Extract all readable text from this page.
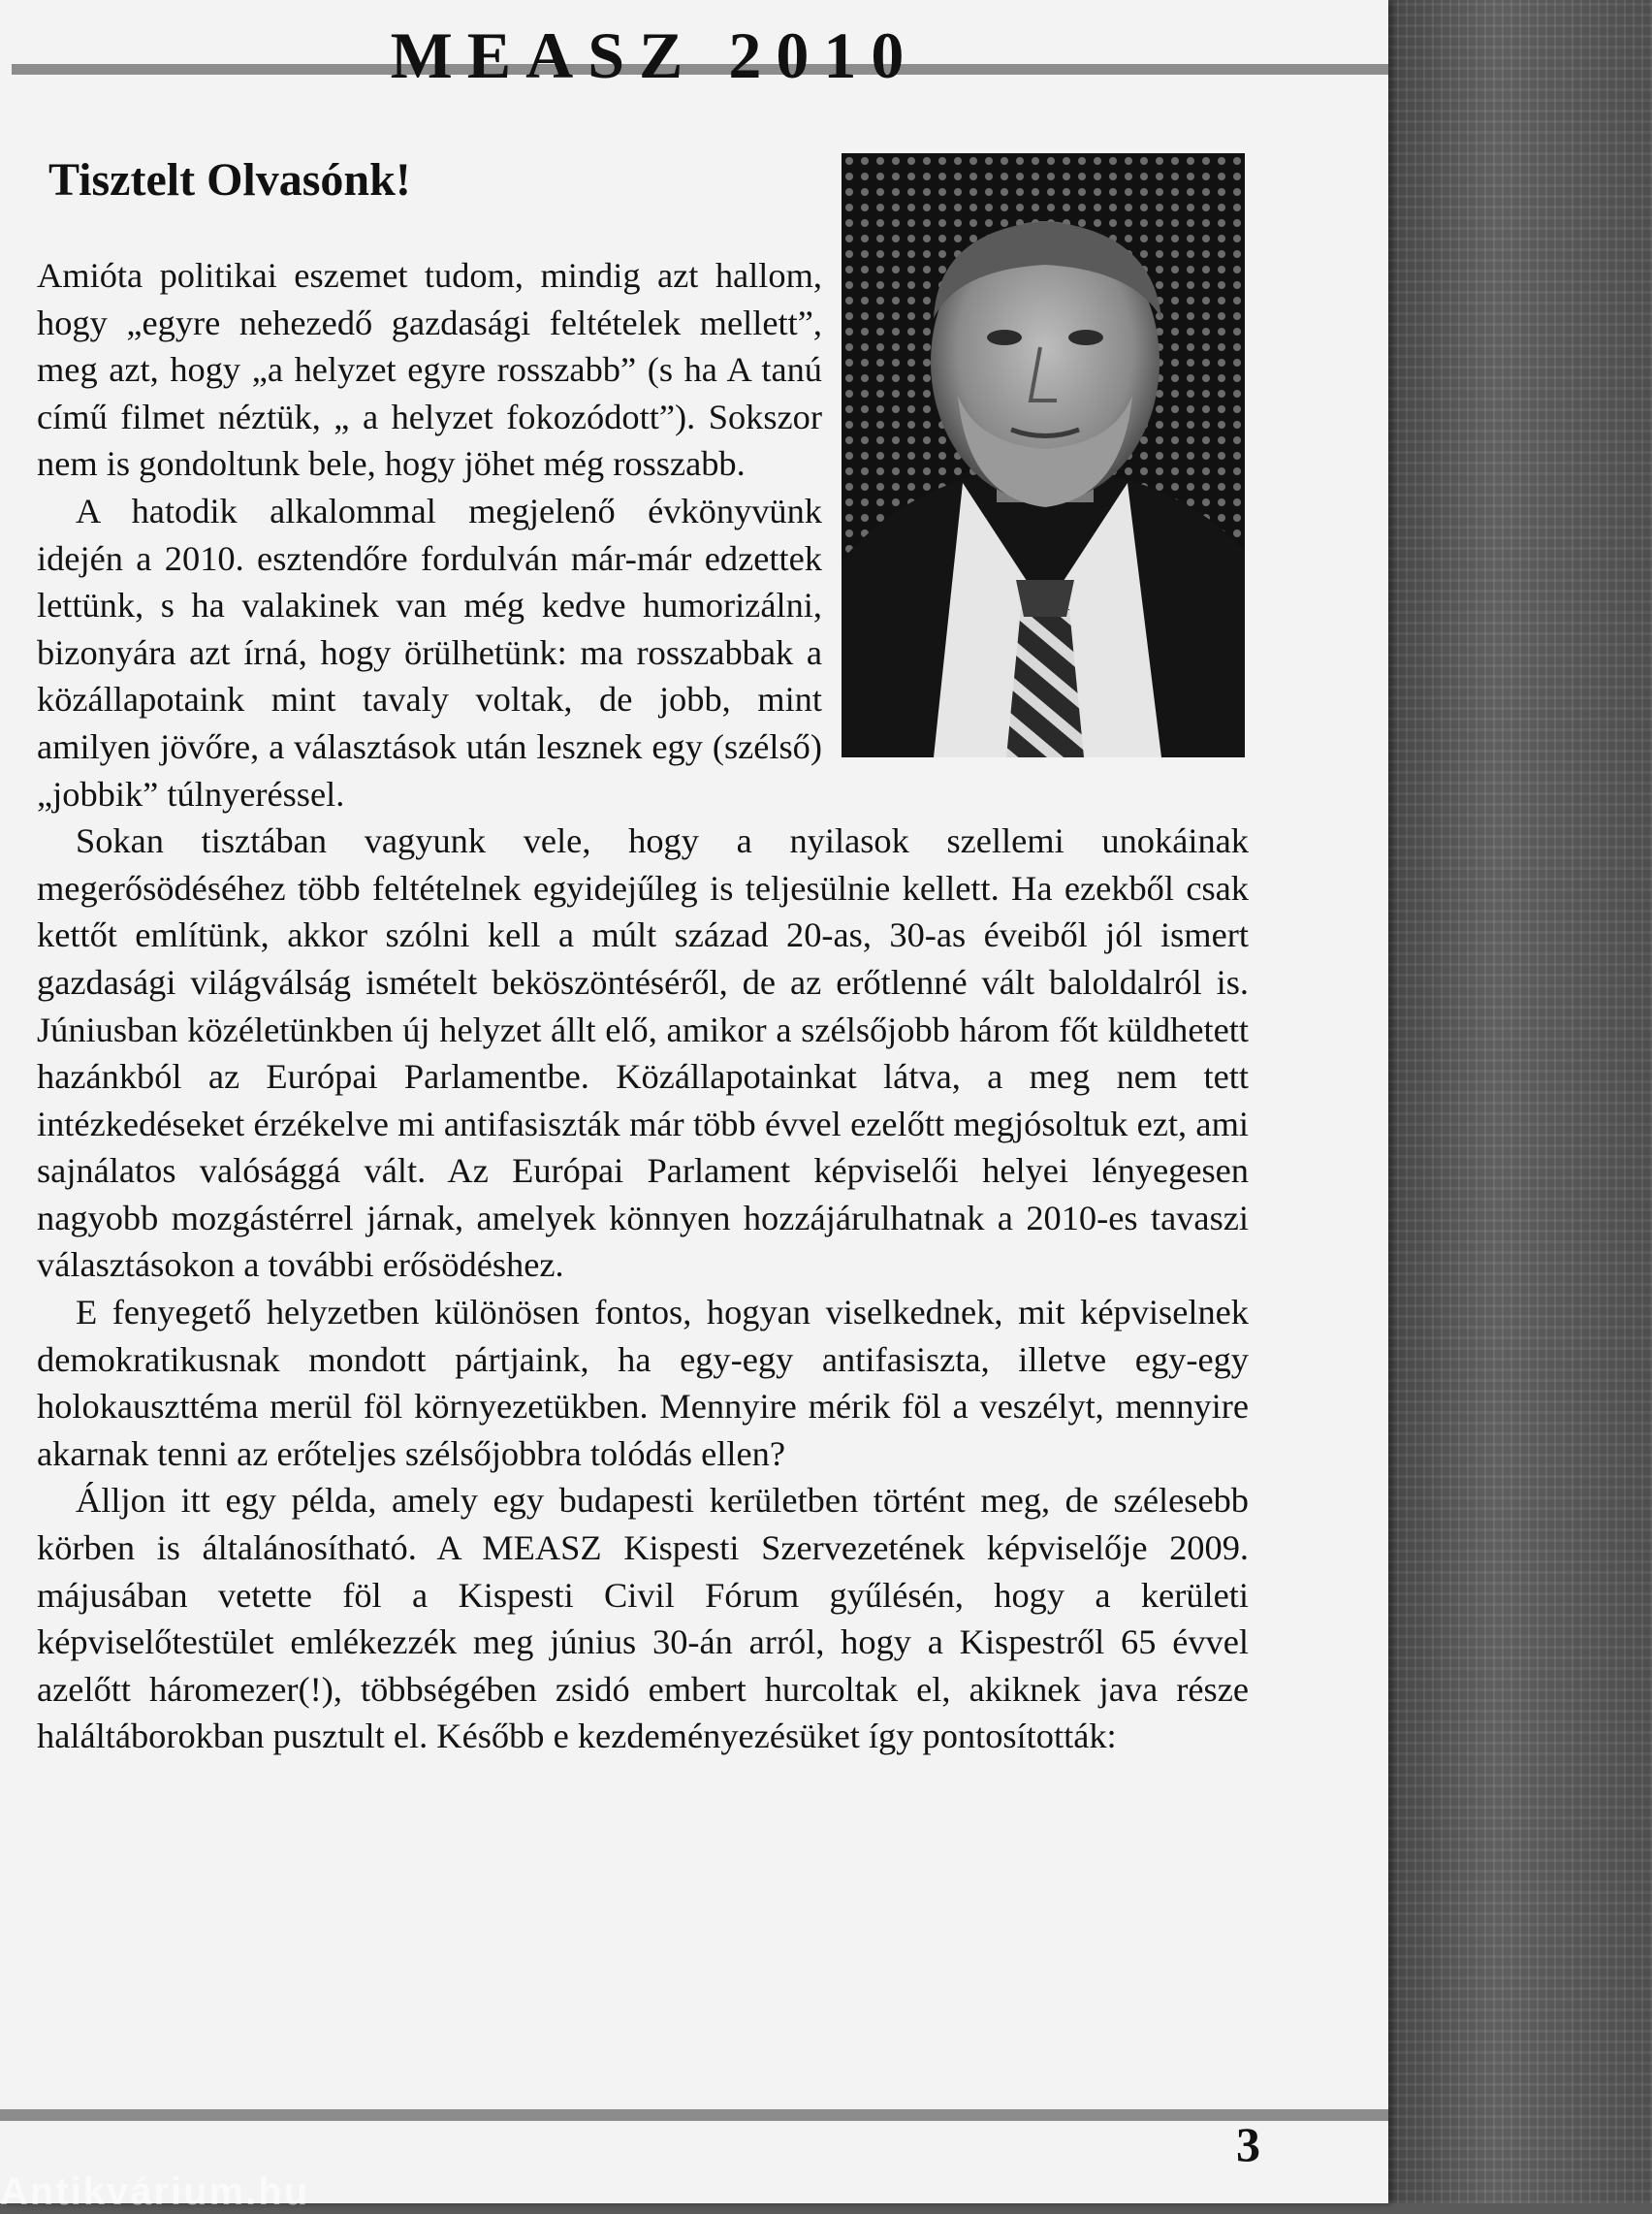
MEASZ 2010
Tisztelt Olvasónk!

Amióta politikai eszemet tudom, mindig azt hallom, hogy „egyre nehezedő gazdasági feltételek mellett”, meg azt, hogy „a helyzet egyre rosszabb” (s ha A tanú című filmet néztük, „ a helyzet fokozódott”). Sokszor nem is gondoltunk bele, hogy jöhet még rosszabb.

A hatodik alkalommal megjelenő évkönyvünk idején a 2010. esztendőre fordulván már-már edzettek lettünk, s ha valakinek van még kedve humorizálni, bizonyára azt írná, hogy örülhetünk: ma rosszabbak a közállapotaink mint tavaly voltak, de jobb, mint amilyen jövőre, a választások után lesznek egy (szélső) „jobbik” túlnyeréssel.

Sokan tisztában vagyunk vele, hogy a nyilasok szellemi unokáinak megerősödéséhez több feltételnek egyidejűleg is teljesülnie kellett. Ha ezekből csak kettőt említünk, akkor szólni kell a múlt század 20-as, 30-as éveiből jól ismert gazdasági világválság ismételt beköszöntéséről, de az erőtlenné vált baloldalról is. Júniusban közéletünkben új helyzet állt elő, amikor a szélsőjobb három főt küldhetett hazánkból az Európai Parlamentbe. Közállapotainkat látva, a meg nem tett intézkedéseket érzékelve mi antifasiszták már több évvel ezelőtt megjósoltuk ezt, ami sajnálatos valósággá vált. Az Európai Parlament képviselői helyei lényegesen nagyobb mozgástérrel járnak, amelyek könnyen hozzájárulhatnak a 2010-es tavaszi választásokon a további erősödéshez.

E fenyegető helyzetben különösen fontos, hogyan viselkednek, mit képviselnek demokratikusnak mondott pártjaink, ha egy-egy antifasiszta, illetve egy-egy holokauszttéma merül föl környezetükben. Mennyire mérik föl a veszélyt, mennyire akarnak tenni az erőteljes szélsőjobbra tolódás ellen?

Álljon itt egy példa, amely egy budapesti kerületben történt meg, de szélesebb körben is általánosítható. A MEASZ Kispesti Szervezetének képviselője 2009. májusában vetette föl a Kispesti Civil Fórum gyűlésén, hogy a kerületi képviselőtestület emlékezzék meg június 30-án arról, hogy a Kispestről 65 évvel azelőtt háromezer(!), többségében zsidó embert hurcoltak el, akiknek java része haláltáborokban pusztult el. Később e kezdeményezésüket így pontosították:

3
Antikvárium.hu
